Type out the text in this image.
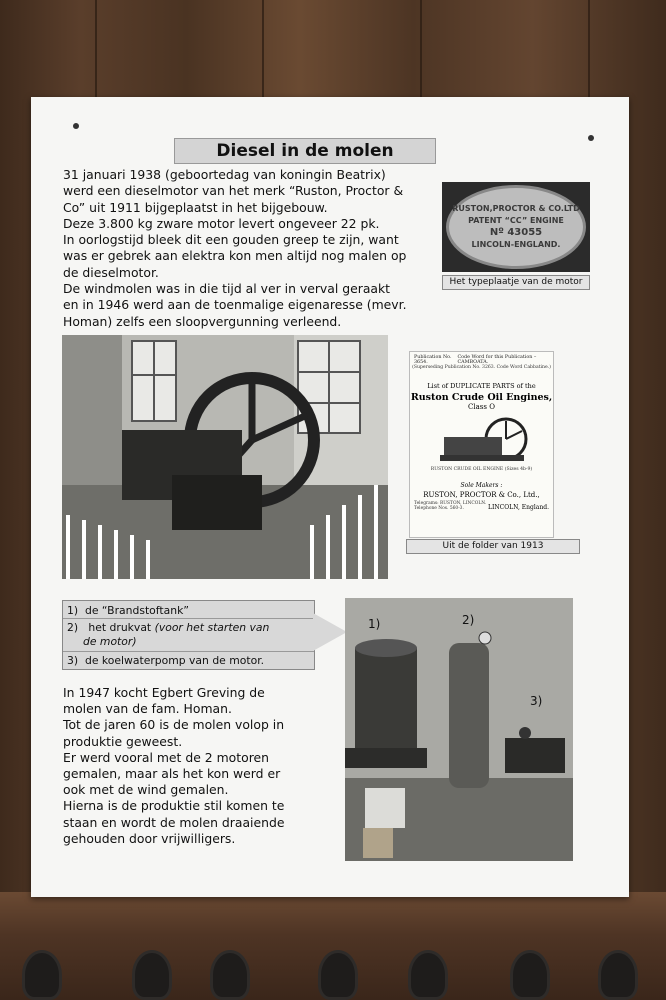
Diesel in de molen
31 januari 1938 (geboortedag van koningin Beatrix)
werd een dieselmotor van het merk “Ruston, Proctor &
Co” uit 1911 bijgeplaatst in het bijgebouw.
Deze 3.800 kg zware motor levert ongeveer 22 pk.
In oorlogstijd bleek dit een gouden greep te zijn, want
was er gebrek aan elektra kon men altijd nog malen op
de dieselmotor.
De windmolen was in die tijd al ver in verval geraakt
en in 1946 werd aan de toenmalige eigenaresse (mevr.
Homan) zelfs een sloopvergunning verleend.
RUSTON,PROCTOR & CO.LTD
PATENT “CC” ENGINE
Nº 43055
LINCOLN-ENGLAND.
Het typeplaatje van de motor
Publication No. 3654.
Code Word for this Publication – CAMBOATA.
(Superseding Publication No. 3263. Code Word Cabbatine.)
List of DUPLICATE PARTS of the
Ruston Crude Oil Engines,
Class O
RUSTON CRUDE OIL ENGINE (Sizes 4b-9)
Sole Makers :
RUSTON, PROCTOR & Co., Ltd.,
Telegrams: RUSTON, LINCOLN.
Telephone Nos. 560-3.	LINCOLN, England.
Uit de folder van 1913
1) de “Brandstoftank”
2) het drukvat (voor het starten van
de motor)
3) de koelwaterpomp van de motor.
1)	2)
3)
In 1947 kocht Egbert Greving de
molen van de fam. Homan.
Tot de jaren 60 is de molen volop in
produktie geweest.
Er werd vooral met de 2 motoren
gemalen, maar als het kon werd er
ook met de wind gemalen.
Hierna is de produktie stil komen te
staan en wordt de molen draaiende
gehouden door vrijwilligers.
